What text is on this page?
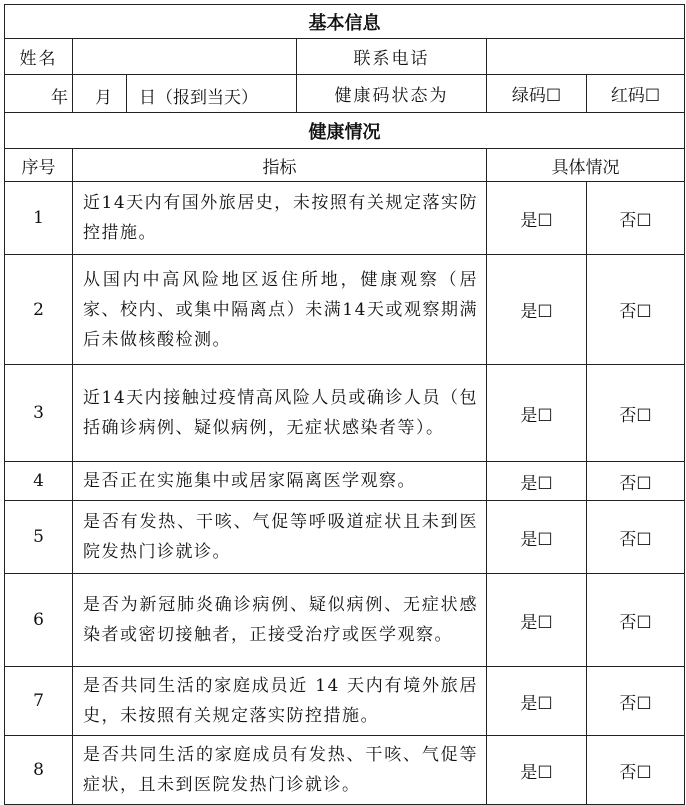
基本信息					
姓名			联系电话		

年	月	日（报到当天）	健康码状态为	绿码☐	红码☐
健康情况					
序号	指标			具体情况	
1	近14天内有国外旅居史，未按照有关规定落实防控措施。			是☐	否☐
2	从国内中高风险地区返住所地，健康观察（居家、校内、或集中隔离点）未满14天或观察期满后未做核酸检测。			是☐	否☐
3	近14天内接触过疫情高风险人员或确诊人员（包括确诊病例、疑似病例，无症状感染者等）。			是☐	否☐
4	是否正在实施集中或居家隔离医学观察。			是☐	否☐
5	是否有发热、干咳、气促等呼吸道症状且未到医院发热门诊就诊。			是☐	否☐
6	是否为新冠肺炎确诊病例、疑似病例、无症状感染者或密切接触者，正接受治疗或医学观察。			是☐	否☐
7	是否共同生活的家庭成员近 14 天内有境外旅居史，未按照有关规定落实防控措施。			是☐	否☐
8	是否共同生活的家庭成员有发热、干咳、气促等症状，且未到医院发热门诊就诊。			是☐	否☐
